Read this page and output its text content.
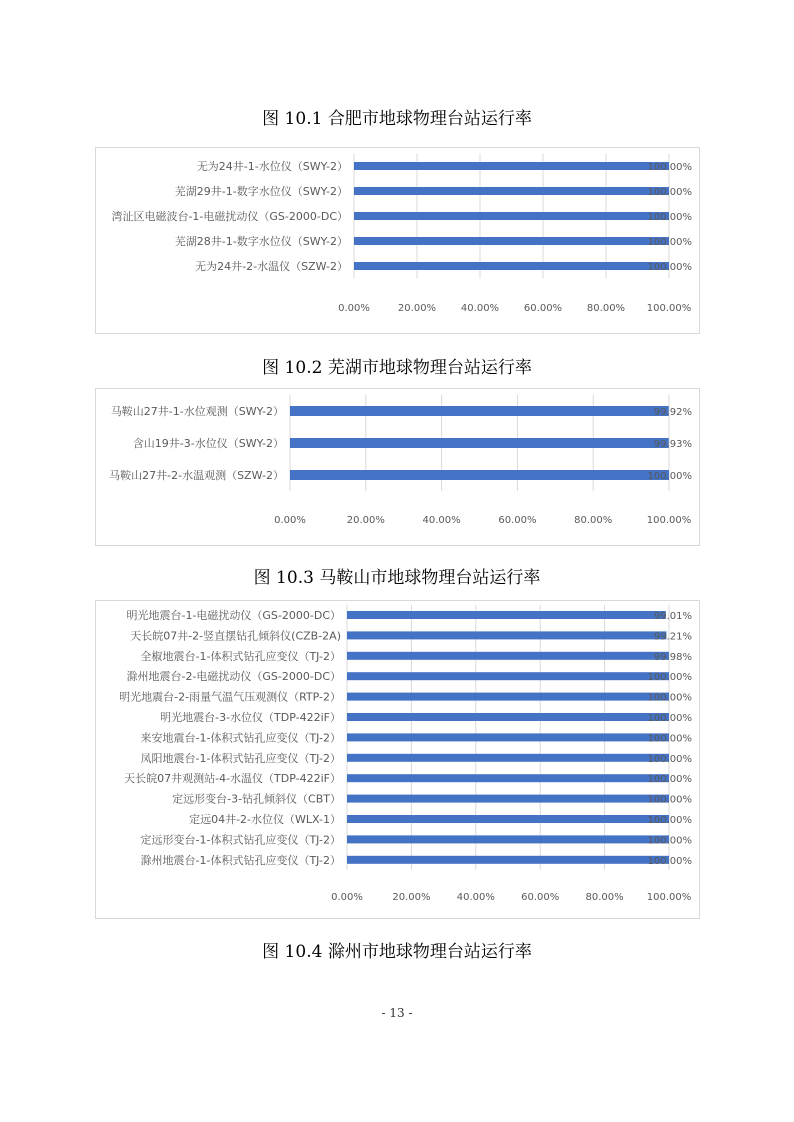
图 10.1 合肥市地球物理台站运行率
0.00%	20.00% 40.00% 60.00% 80.00% 100.00%
无为24井-1-水位仪（SWY-2）	100.00%
芜湖29井-1-数字水位仪（SWY-2）	100.00%
湾沚区电磁波台-1-电磁扰动仪（GS-2000-DC）	100.00%
芜湖28井-1-数字水位仪（SWY-2）	100.00%
无为24井-2-水温仪（SZW-2）	100.00%
图 10.2 芜湖市地球物理台站运行率
0.00%	20.00%	40.00%	60.00%	80.00%	100.00%
马鞍山27井-1-水位观测（SWY-2）	99.92%
含山19井-3-水位仪（SWY-2）	99.93%
马鞍山27井-2-水温观测（SZW-2）	100.00%
图 10.3 马鞍山市地球物理台站运行率
0.00%	20.00%	40.00%	60.00%	80.00% 100.00%
明光地震台-1-电磁扰动仪（GS-2000-DC）	99.01%
天长皖07井-2-竖直摆钻孔倾斜仪(CZB-2A)	99.21%
全椒地震台-1-体积式钻孔应变仪（TJ-2）	99.98%
滁州地震台-2-电磁扰动仪（GS-2000-DC）	100.00%
明光地震台-2-雨量气温气压观测仪（RTP-2）	100.00%
明光地震台-3-水位仪（TDP-422iF）	100.00%
来安地震台-1-体积式钻孔应变仪（TJ-2）	100.00%
凤阳地震台-1-体积式钻孔应变仪（TJ-2）	100.00%
天长皖07井观测站-4-水温仪（TDP-422iF）	100.00%
定远形变台-3-钻孔倾斜仪（CBT）	100.00%
定远04井-2-水位仪（WLX-1）	100.00%
定远形变台-1-体积式钻孔应变仪（TJ-2）	100.00%
滁州地震台-1-体积式钻孔应变仪（TJ-2）	100.00%
图 10.4 滁州市地球物理台站运行率
- 13 -
